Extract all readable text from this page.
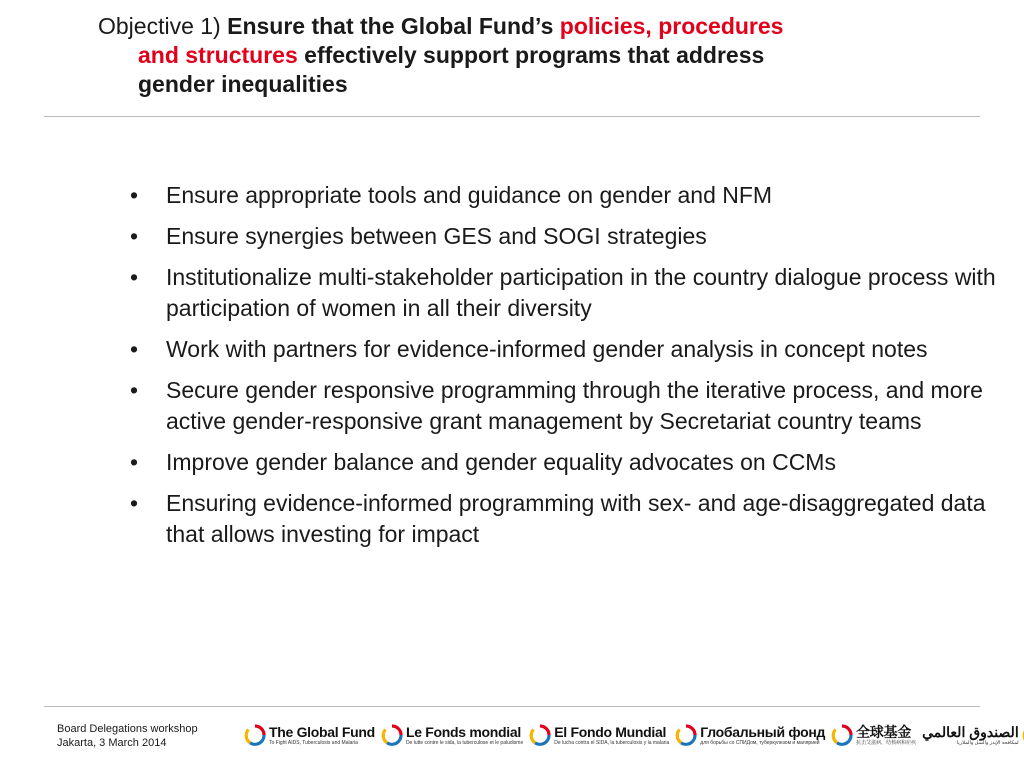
Objective 1) Ensure that the Global Fund’s policies, procedures
and structures effectively support programs that address
gender inequalities
• Ensure appropriate tools and guidance on gender and NFM
• Ensure synergies between GES and SOGI strategies
• Institutionalize multi-stakeholder participation in the country dialogue process with participation of women in all their diversity
• Work with partners for evidence-informed gender analysis in concept notes
• Secure gender responsive programming through the iterative process, and more active gender-responsive grant management by Secretariat country teams
• Improve gender balance and gender equality advocates on CCMs
• Ensuring evidence-informed programming with sex- and age-disaggregated data that allows investing for impact
Board Delegations workshop
Jakarta, 3 March 2014
The Global Fund
To Fight AIDS, Tuberculosis and Malaria
Le Fonds mondial
De lutte contre le sida, la tuberculose et le paludisme
El Fondo Mundial
De lucha contra el SIDA, la tuberculosis y la malaria
Глобальный фонд
для борьбы со СПИДом, туберкулезом и малярией
全球基金
抗击艾滋病、结核病和疟疾
الصندوق العالمي
لمكافحة الإيدز والسل والملاريا
